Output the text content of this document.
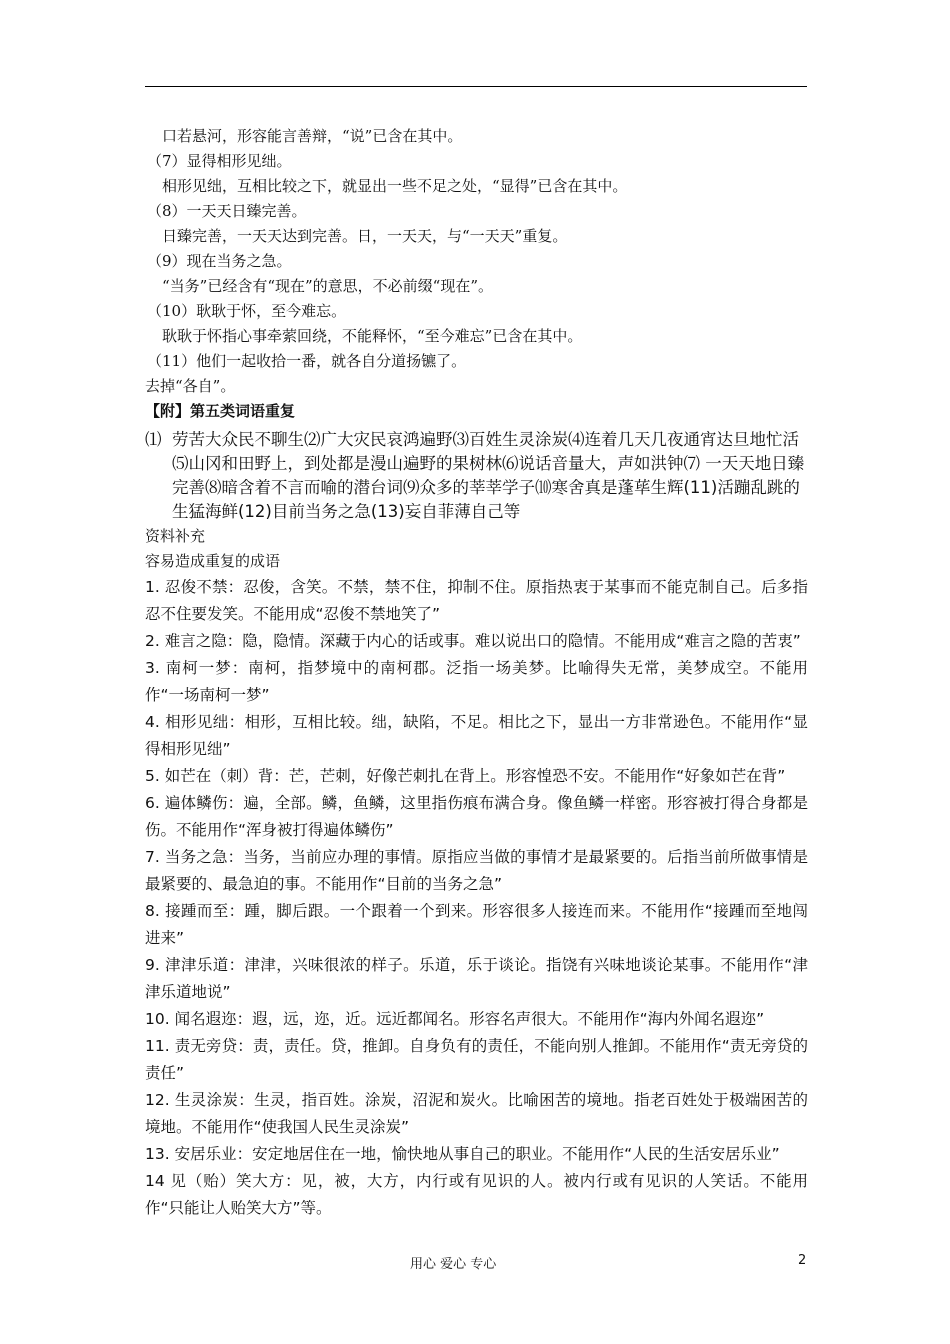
口若悬河，形容能言善辩，“说”已含在其中。
（7）显得相形见绌。
相形见绌，互相比较之下，就显出一些不足之处，“显得”已含在其中。
（8）一天天日臻完善。
日臻完善，一天天达到完善。日，一天天，与“一天天”重复。
（9）现在当务之急。
“当务”已经含有“现在”的意思，不必前缀“现在”。
（10）耿耿于怀，至今难忘。
耿耿于怀指心事牵萦回绕，不能释怀，“至今难忘”已含在其中。
（11）他们一起收拾一番，就各自分道扬镳了。
去掉“各自”。
【附】第五类词语重复
⑴ 劳苦大众民不聊生⑵广大灾民哀鸿遍野⑶百姓生灵涂炭⑷连着几天几夜通宵达旦地忙活⑸山冈和田野上，到处都是漫山遍野的果树林⑹说话音量大，声如洪钟⑺ 一天天地日臻完善⑻暗含着不言而喻的潜台词⑼众多的莘莘学子⑽寒舍真是蓬荜生辉(11)活蹦乱跳的生猛海鲜(12)目前当务之急(13)妄自菲薄自己等
资料补充
容易造成重复的成语
1. 忍俊不禁：忍俊，含笑。不禁，禁不住，抑制不住。原指热衷于某事而不能克制自己。后多指忍不住要发笑。不能用成“忍俊不禁地笑了”
2. 难言之隐：隐，隐情。深藏于内心的话或事。难以说出口的隐情。不能用成“难言之隐的苦衷”
3. 南柯一梦：南柯，指梦境中的南柯郡。泛指一场美梦。比喻得失无常，美梦成空。不能用作“一场南柯一梦”
4. 相形见绌：相形，互相比较。绌，缺陷，不足。相比之下，显出一方非常逊色。不能用作“显得相形见绌”
5. 如芒在（刺）背：芒，芒刺，好像芒刺扎在背上。形容惶恐不安。不能用作“好象如芒在背”
6. 遍体鳞伤：遍，全部。鳞，鱼鳞，这里指伤痕布满合身。像鱼鳞一样密。形容被打得合身都是伤。不能用作“浑身被打得遍体鳞伤”
7. 当务之急：当务，当前应办理的事情。原指应当做的事情才是最紧要的。后指当前所做事情是最紧要的、最急迫的事。不能用作“目前的当务之急”
8. 接踵而至：踵，脚后跟。一个跟着一个到来。形容很多人接连而来。不能用作“接踵而至地闯进来”
9. 津津乐道：津津，兴味很浓的样子。乐道，乐于谈论。指饶有兴味地谈论某事。不能用作“津津乐道地说”
10. 闻名遐迩：遐，远，迩，近。远近都闻名。形容名声很大。不能用作“海内外闻名遐迩”
11. 责无旁贷：责，责任。贷，推卸。自身负有的责任，不能向别人推卸。不能用作“责无旁贷的责任”
12. 生灵涂炭：生灵，指百姓。涂炭，沼泥和炭火。比喻困苦的境地。指老百姓处于极端困苦的境地。不能用作“使我国人民生灵涂炭”
13. 安居乐业：安定地居住在一地，愉快地从事自己的职业。不能用作“人民的生活安居乐业”
14 见（贻）笑大方：见，被，大方，内行或有见识的人。被内行或有见识的人笑话。不能用作“只能让人贻笑大方”等。
用心 爱心 专心	2
